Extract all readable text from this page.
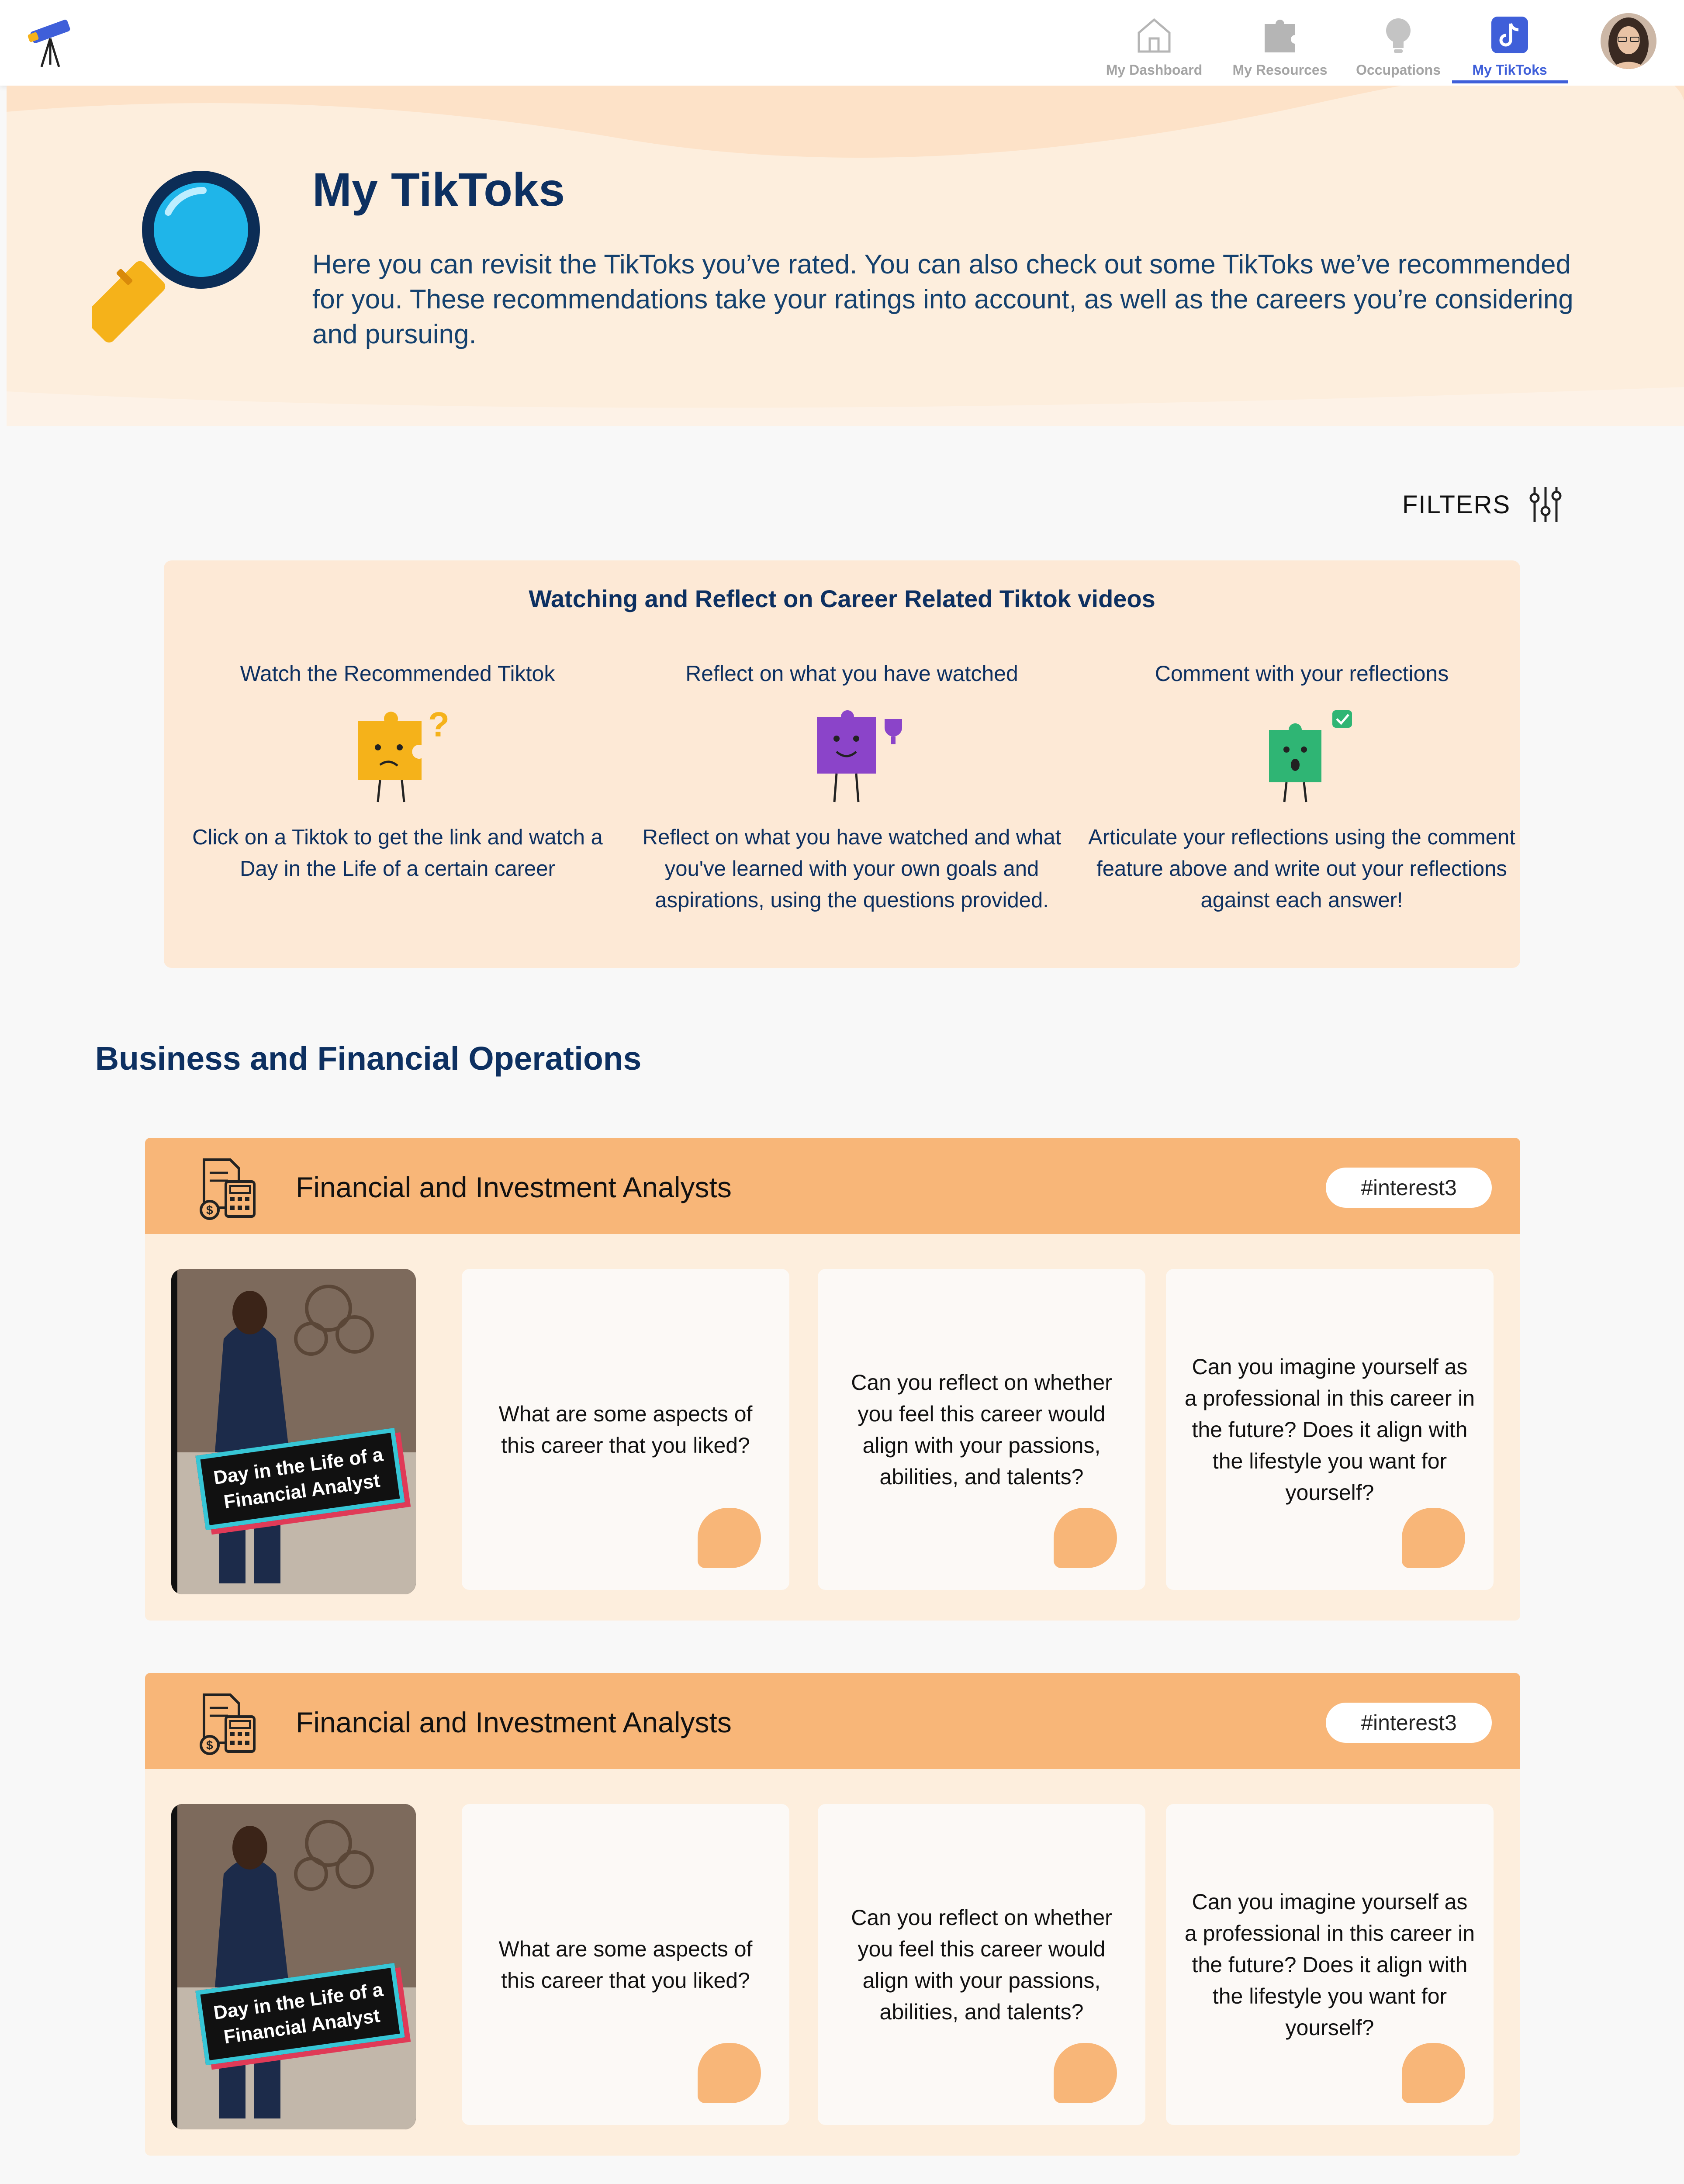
My Dashboard	My Resources	Occupations	My TikToks
My TikToks

Here you can revisit the TikToks you’ve rated. You can also check out some TikToks we’ve recommended for you. These recommendations take your ratings into account, as well as the careers you’re considering and pursuing.

FILTERS
Watching and Reflect on Career Related Tiktok videos
Watch the Recommended Tiktok
?
Click on a Tiktok to get the link and watch a Day in the Life of a certain career
Reflect on what you have watched
Reflect on what you have watched and what you've learned with your own goals and aspirations, using the questions provided.
Comment with your reflections
Articulate your reflections using the comment feature above and write out your reflections against each answer!
Business and Financial Operations
$
Financial and Investment Analysts	#interest3
Day in the Life of a Financial Analyst
What are some aspects of this career that you liked?
Can you reflect on whether you feel this career would align with your passions, abilities, and talents?
Can you imagine yourself as a professional in this career in the future? Does it align with the lifestyle you want for yourself?
$
Financial and Investment Analysts	#interest3
Day in the Life of a Financial Analyst
What are some aspects of this career that you liked?
Can you reflect on whether you feel this career would align with your passions, abilities, and talents?
Can you imagine yourself as a professional in this career in the future? Does it align with the lifestyle you want for yourself?
